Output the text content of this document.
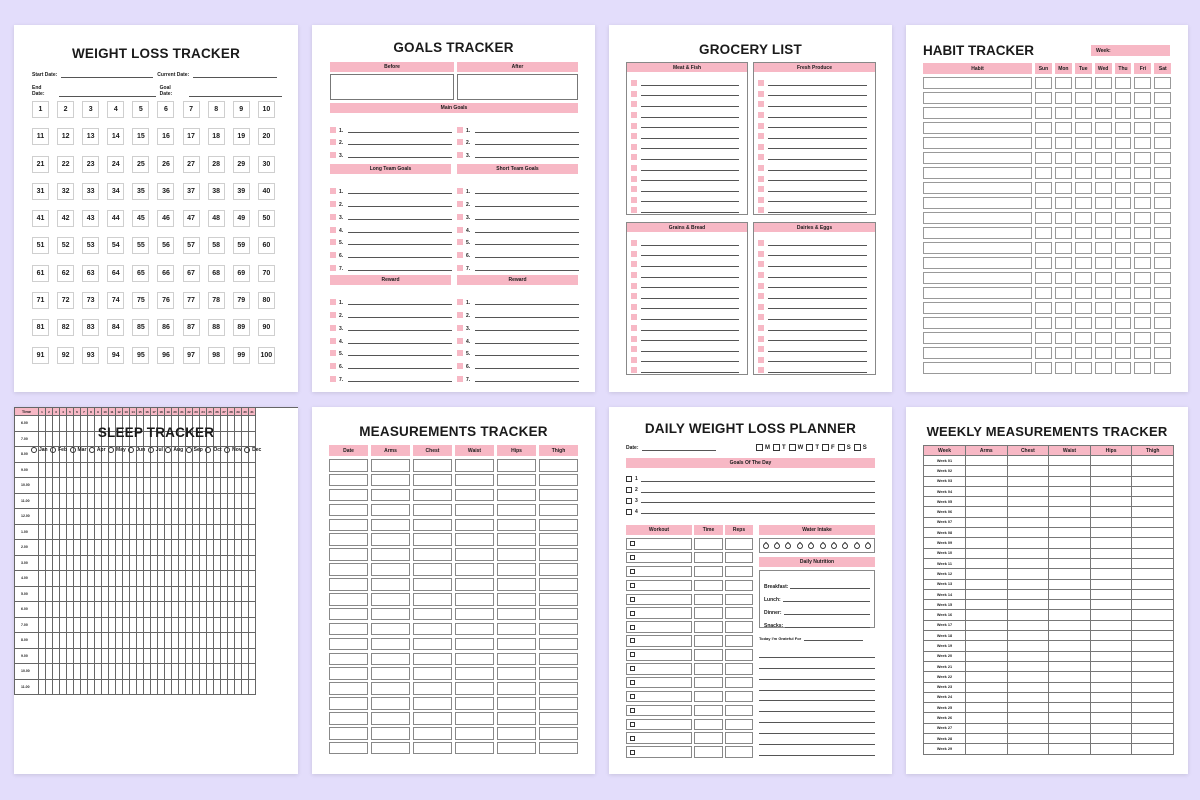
WEIGHT LOSS TRACKER
Start Date:	Current Date:
End Date:
Goal Date:
1	2	3	4	5	6	7	8	9	10
11	12	13	14	15	16	17	18	19	20
21	22	23	24	25	26	27	28	29	30
31	32	33	34	35	36	37	38	39	40
41	42	43	44	45	46	47	48	49	50
51	52	53	54	55	56	57	58	59	60
61	62	63	64	65	66	67	68	69	70
71	72	73	74	75	76	77	78	79	80
81	82	83	84	85	86	87	88	89	90
91	92	93	94	95	96	97	98	99	100
GOALS TRACKER
Before	After
Main Goals
1.
2.
3.
1.
2.
3.
Long Team Goals	Short Team Goals
1.
2.
3.
4.
5.
6.
7.
1.
2.
3.
4.
5.
6.
7.
Reward	Reward
1.
2.
3.
4.
5.
6.
7.
1.
2.
3.
4.
5.
6.
7.
GROCERY LIST
Meat & Fish	Fresh Produce
Grains & Bread	Dairies & Eggs
HABIT TRACKER	Week:
Habit	Sun	Mon	Tue	Wed	Thu	Fri	Sat
SLEEP TRACKER
Jan Feb Mar Apr May Jun Jul Aug Sep Oct Nov Dec
Time	1	2	3	4	5	6	7	8	9	10	11	12	13	14	15	16	17	18	19	20	21	22	23	24	25	26	27	28	29	30	31
6.00
7.00
8.00
9.00
10.00
11.00
12.00
1.00
2.00
3.00
4.00
5.00
6.00
7.00
8.00
9.00
10.00
11.00
MEASUREMENTS TRACKER
Date	Arms	Chest	Waist	Hips	Thigh
DAILY WEIGHT LOSS PLANNER
Date:	M T W T F S S
Goals Of The Day
1
2
3
4
Workout	Time	Reps	Water Intake
Daily Nutrition
Breakfast:
Lunch:
Dinner:
Snacks:
Today I'm Grateful For
WEEKLY MEASUREMENTS TRACKER
Week	Arms	Chest	Waist	Hips	Thigh
Week 01
Week 02
Week 03
Week 04
Week 05
Week 06
Week 07
Week 08
Week 09
Week 10
Week 11
Week 12
Week 13
Week 14
Week 15
Week 16
Week 17
Week 18
Week 19
Week 20
Week 21
Week 22
Week 23
Week 24
Week 25
Week 26
Week 27
Week 28
Week 29
